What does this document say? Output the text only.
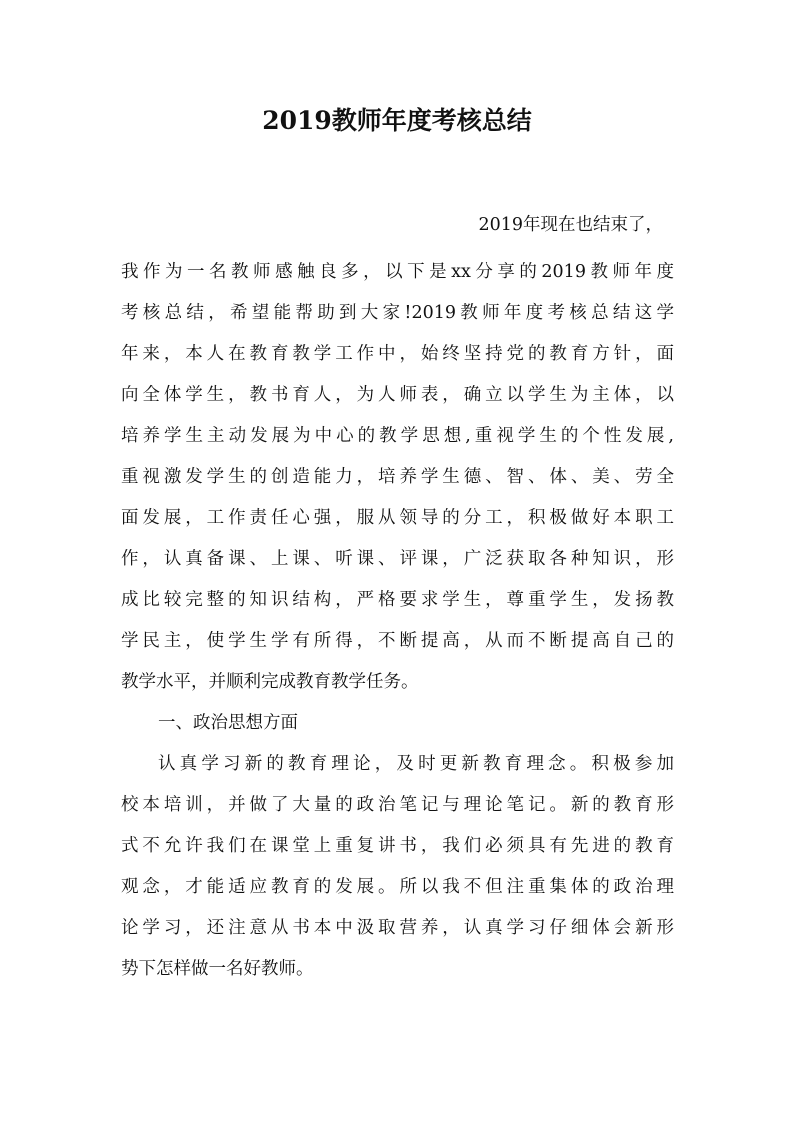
2019教师年度考核总结

2019年现在也结束了，

我作为一名教师感触良多，以下是xx分享的2019教师年度

考核总结，希望能帮助到大家!2019教师年度考核总结这学

年来，本人在教育教学工作中，始终坚持党的教育方针，面

向全体学生，教书育人，为人师表，确立以学生为主体，以

培养学生主动发展为中心的教学思想,重视学生的个性发展,

重视激发学生的创造能力，培养学生德、智、体、美、劳全

面发展，工作责任心强，服从领导的分工，积极做好本职工

作，认真备课、上课、听课、评课，广泛获取各种知识，形

成比较完整的知识结构，严格要求学生，尊重学生，发扬教

学民主，使学生学有所得，不断提高，从而不断提高自己的

教学水平，并顺利完成教育教学任务。

一、政治思想方面

认真学习新的教育理论，及时更新教育理念。积极参加

校本培训，并做了大量的政治笔记与理论笔记。新的教育形

式不允许我们在课堂上重复讲书，我们必须具有先进的教育

观念，才能适应教育的发展。所以我不但注重集体的政治理

论学习，还注意从书本中汲取营养，认真学习仔细体会新形

势下怎样做一名好教师。
